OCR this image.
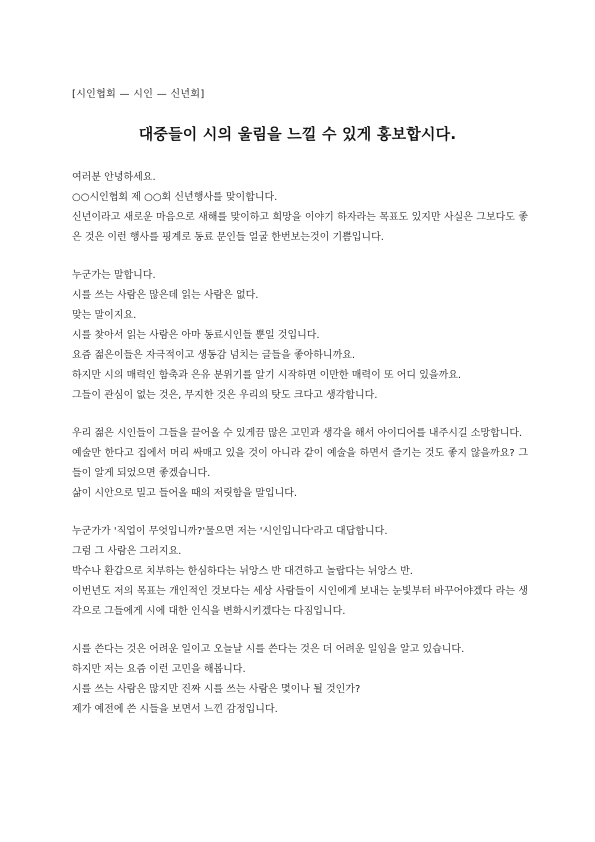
[시인협회 — 시인 — 신년회]
대중들이 시의 울림을 느낄 수 있게 홍보합시다.

여러분 안녕하세요.

○○시인협회 제 ○○회 신년행사를 맞이합니다.

신년이라고 새로운 마음으로 새해를 맞이하고 희망을 이야기 하자라는 목표도 있지만 사실은 그보다도 좋은 것은 이런 행사를 핑계로 동료 문인들 얼굴 한번보는것이 기쁨입니다.

누군가는 말합니다.

시를 쓰는 사람은 많은데 읽는 사람은 없다.

맞는 말이지요.

시를 찾아서 읽는 사람은 아마 동료시인들 뿐일 것입니다.

요즘 젊은이들은 자극적이고 생동감 넘치는 글들을 좋아하니까요.

하지만 시의 매력인 함축과 은유 분위기를 알기 시작하면 이만한 매력이 또 어디 있을까요.

그들이 관심이 없는 것은, 무지한 것은 우리의 탓도 크다고 생각합니다.

우리 젊은 시인들이 그들을 끌어올 수 있게끔 많은 고민과 생각을 해서 아이디어를 내주시길 소망합니다.

예술만 한다고 집에서 머리 싸매고 있을 것이 아니라 같이 예술을 하면서 즐기는 것도 좋지 않을까요? 그들이 알게 되었으면 좋겠습니다.

삶이 시안으로 밀고 들어올 때의 저릿함을 말입니다.

누군가가 '직업이 무엇입니까?'물으면 저는 '시인입니다'라고 대답합니다.

그럼 그 사람은 그러지요.

박수나 환갑으로 치부하는 한심하다는 뉘앙스 반 대견하고 놀랍다는 뉘앙스 반.

이번년도 저의 목표는 개인적인 것보다는 세상 사람들이 시인에게 보내는 눈빛부터 바꾸어야겠다 라는 생각으로 그들에게 시에 대한 인식을 변화시키겠다는 다짐입니다.

시를 쓴다는 것은 어려운 일이고 오늘날 시를 쓴다는 것은 더 어려운 일임을 알고 있습니다.

하지만 저는 요즘 이런 고민을 해봅니다.

시를 쓰는 사람은 많지만 진짜 시를 쓰는 사람은 몇이나 될 것인가?

제가 예전에 쓴 시들을 보면서 느낀 감정입니다.
